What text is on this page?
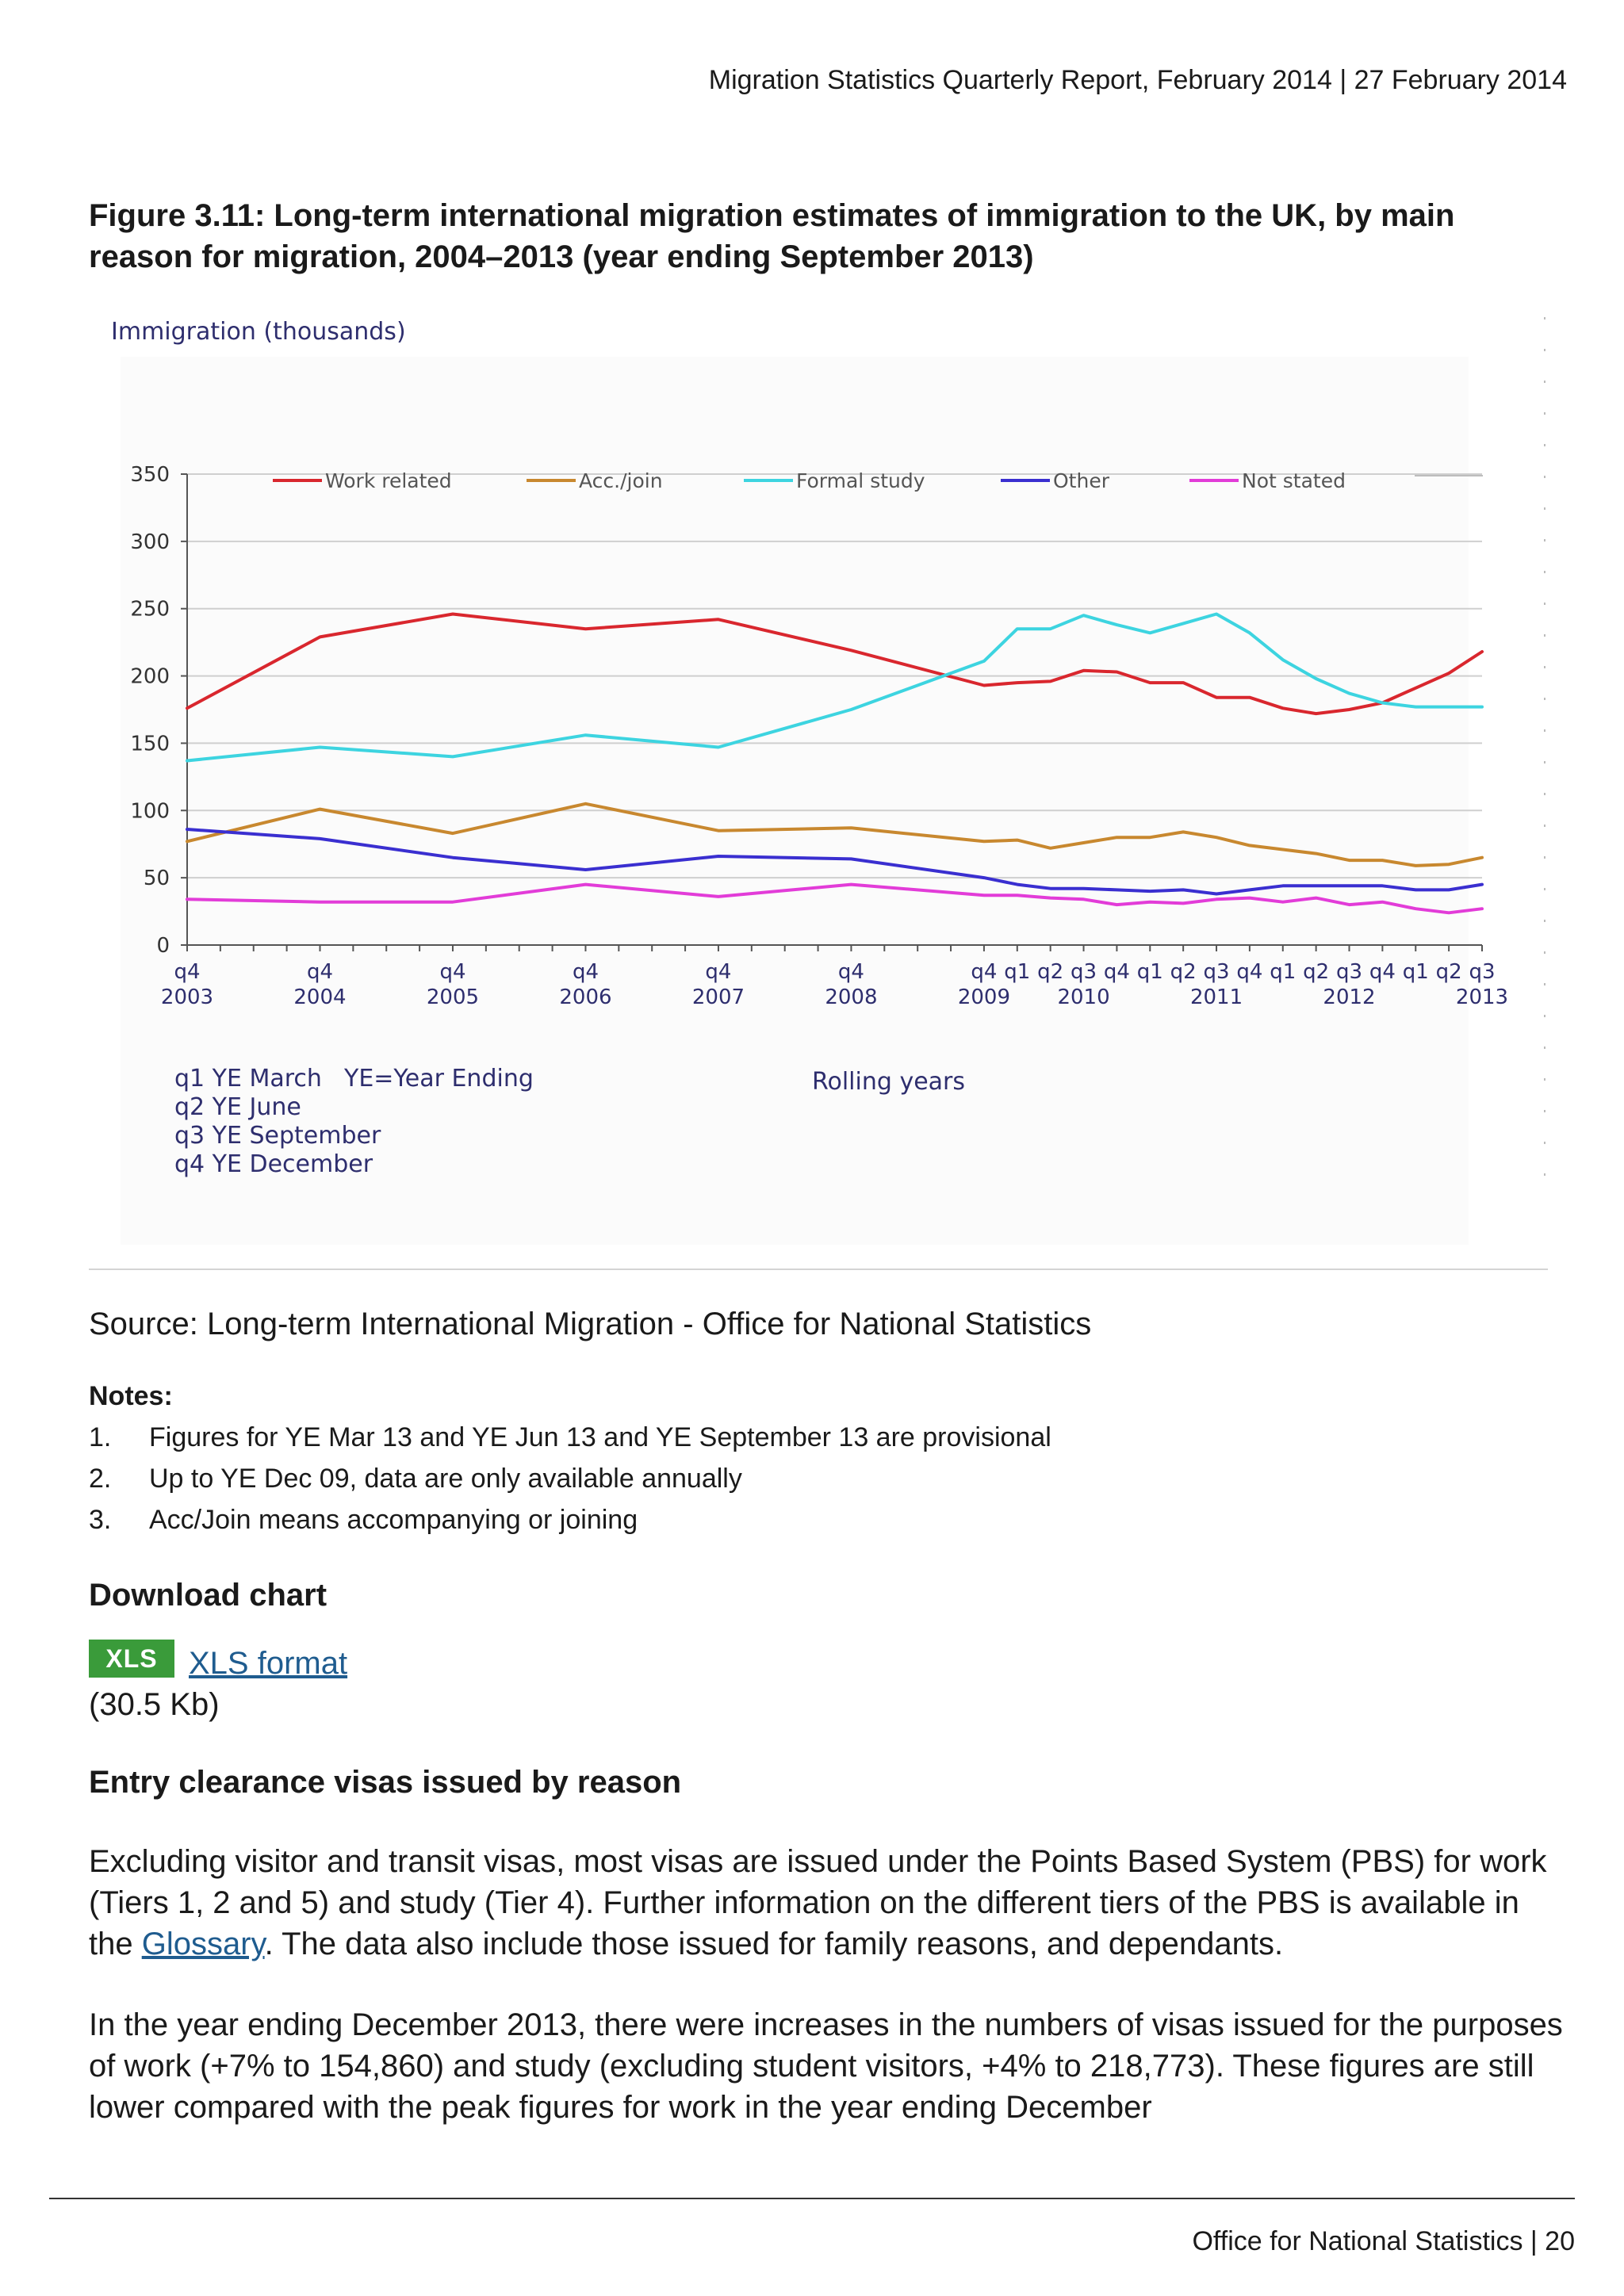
Migration Statistics Quarterly Report, February 2014 | 27 February 2014
Figure 3.11: Long-term international migration estimates of immigration to the UK, by main reason for migration, 2004–2013 (year ending September 2013)
Immigration (thousands)
0
50
100
150
200
250
300
350
q4
2003
q4
2004
q4
2005
q4
2006
q4
2007
q4
2008
q4
2009
q1 q2 q3
2010
q4 q1 q2 q3
2011
q4 q1 q2 q3
2012
q4 q1 q2 q3
2013
Work related	Acc./join	Formal study	Other	Not stated
q1 YE March
q2 YE June
q3 YE September
q4 YE December
YE=Year Ending	Rolling years
Source: Long-term International Migration - Office for National Statistics
Notes:
1. Figures for YE Mar 13 and YE Jun 13 and YE September 13 are provisional
2. Up to YE Dec 09, data are only available annually
3. Acc/Join means accompanying or joining
Download chart
XLS XLS format
(30.5 Kb)
Entry clearance visas issued by reason
Excluding visitor and transit visas, most visas are issued under the Points Based System (PBS) for work (Tiers 1, 2 and 5) and study (Tier 4). Further information on the different tiers of the PBS is available in the Glossary. The data also include those issued for family reasons, and dependants.
In the year ending December 2013, there were increases in the numbers of visas issued for the purposes of work (+7% to 154,860) and study (excluding student visitors, +4% to 218,773). These figures are still lower compared with the peak figures for work in the year ending December
Office for National Statistics | 20
